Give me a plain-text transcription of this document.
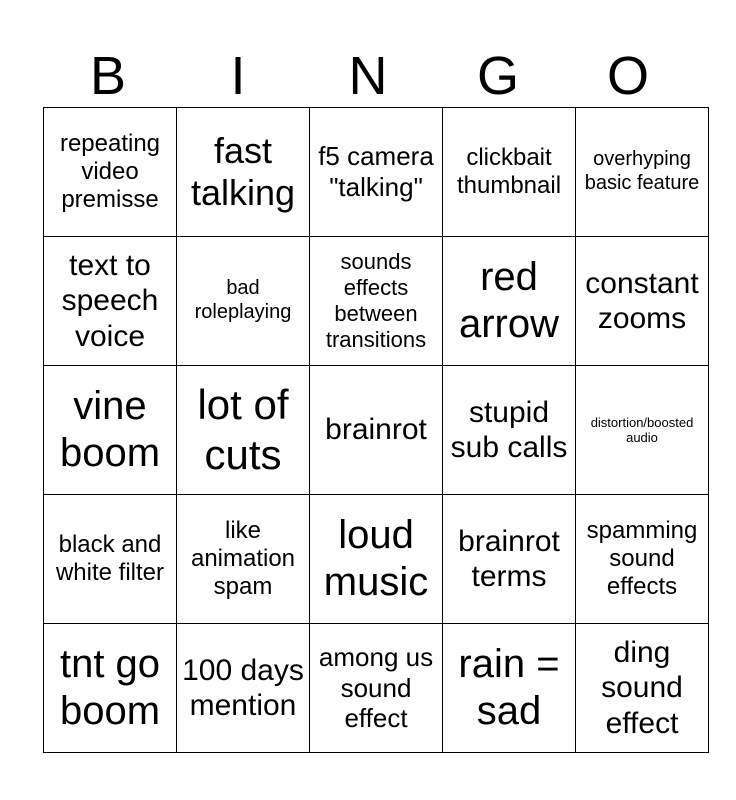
B	I	N	G	O
repeating video premisse	fast talking	f5 camera "talking"	clickbait thumbnail	overhyping basic feature
text to speech voice	bad roleplaying	sounds effects between transitions	red arrow	constant zooms
vine boom	lot of cuts	brainrot	stupid sub calls	distortion/boosted audio
black and white filter	like animation spam	loud music	brainrot terms	spamming sound effects
tnt go boom	100 days mention	among us sound effect	rain = sad	ding sound effect
